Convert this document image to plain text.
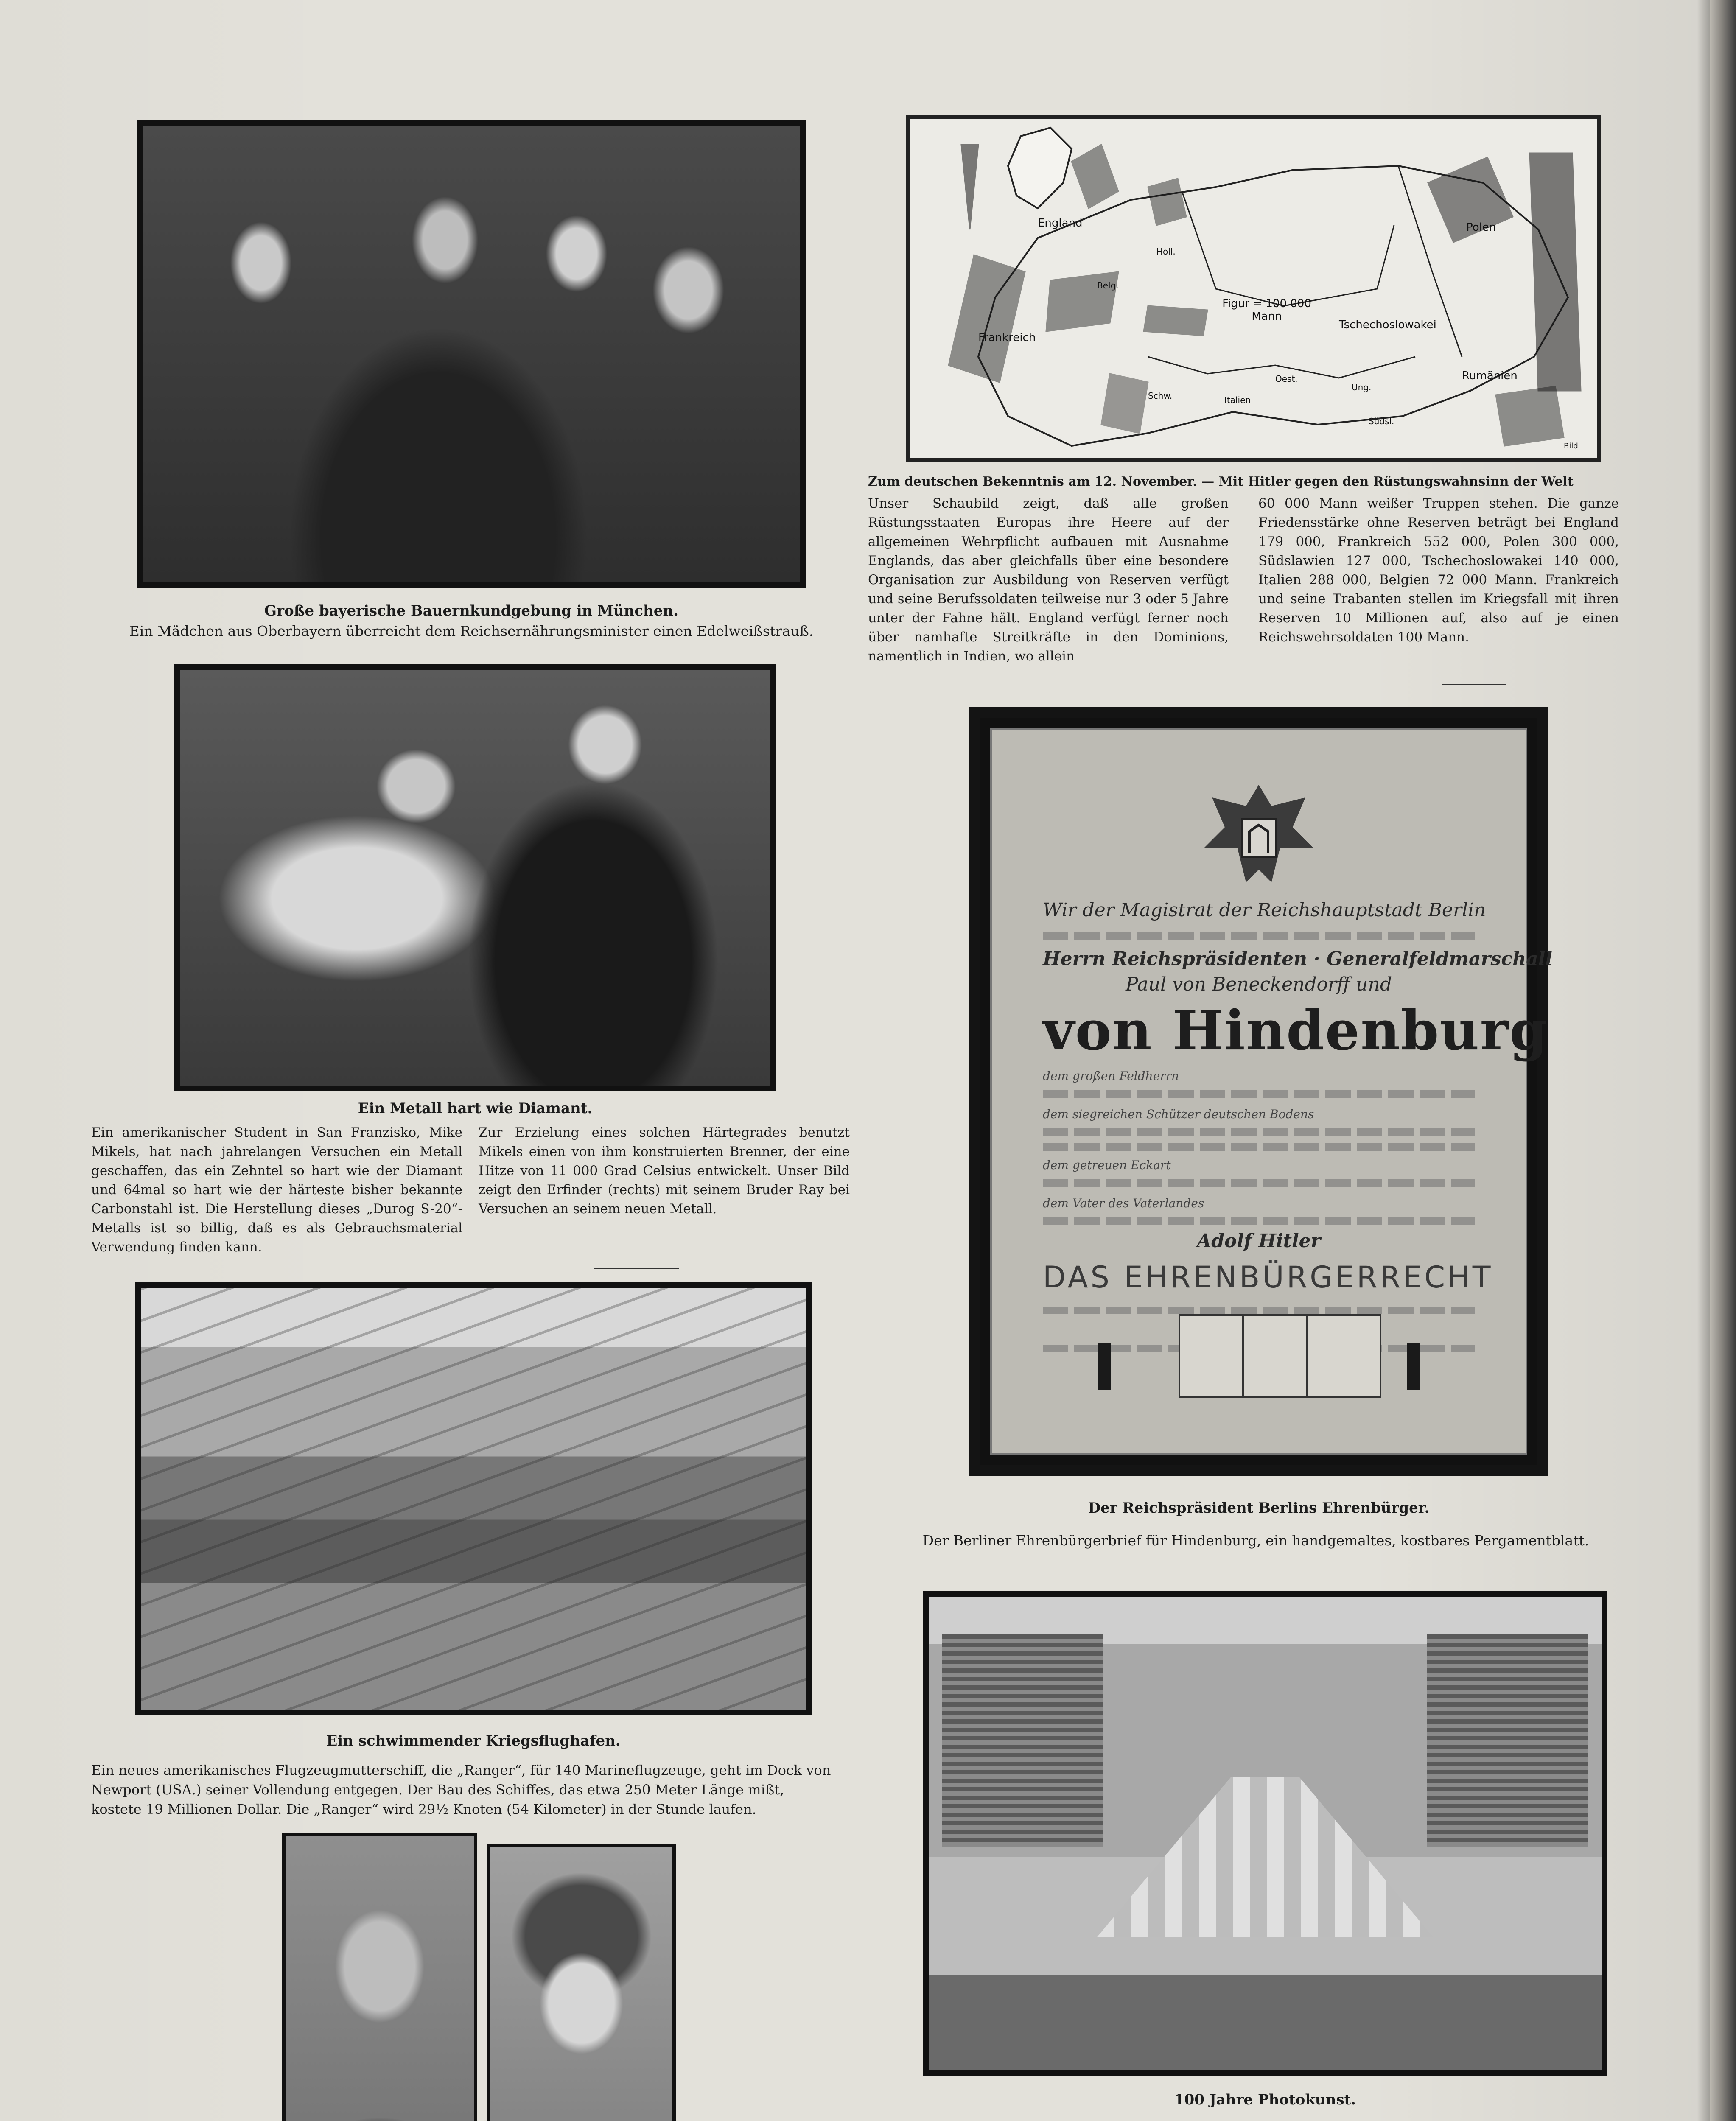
Große bayerische Bauernkundgebung in München.
Ein Mädchen aus Oberbayern überreicht dem Reichsernährungsminister einen Edelweißstrauß.
Ein Metall hart wie Diamant.
Ein amerikanischer Student in San Franzisko, Mike Mikels, hat nach jahrelangen Versuchen ein Metall geschaffen, das ein Zehntel so hart wie der Diamant und 64mal so hart wie der härteste bisher bekannte Carbonstahl ist. Die Herstellung dieses „Durog S-20“-Metalls ist so billig, daß es als Gebrauchsmaterial Verwendung finden kann.
Zur Erzielung eines solchen Härtegrades benutzt Mikels einen von ihm konstruierten Brenner, der eine Hitze von 11 000 Grad Celsius entwickelt. Unser Bild zeigt den Erfinder (rechts) mit seinem Bruder Ray bei Versuchen an seinem neuen Metall.
Ein schwimmender Kriegsflughafen.
Ein neues amerikanisches Flugzeugmutterschiff, die „Ranger“, für 140 Marineflugzeuge, geht im Dock von
Newport (USA.) seiner Vollendung entgegen. Der Bau des Schiffes, das etwa 250 Meter Länge mißt,
kostete 19 Millionen Dollar. Die „Ranger“ wird 29½ Knoten (54 Kilometer) in der Stunde laufen.
England	Polen
Frankreich
Figur = 100 000 Mann
Tschechoslowakei
Rumänien
Holl.
Belg.
Schw.
Oest.
Ung.
Italien
Südsl.
Bild
Zum deutschen Bekenntnis am 12. November. — Mit Hitler gegen den Rüstungswahnsinn der Welt
Unser Schaubild zeigt, daß alle großen Rüstungsstaaten Europas ihre Heere auf der allgemeinen Wehrpflicht aufbauen mit Ausnahme Englands, das aber gleichfalls über eine besondere Organisation zur Ausbildung von Reserven verfügt und seine Berufssoldaten teilweise nur 3 oder 5 Jahre unter der Fahne hält. England verfügt ferner noch über namhafte Streitkräfte in den Dominions, namentlich in Indien, wo allein
60 000 Mann weißer Truppen stehen. Die ganze Friedensstärke ohne Reserven beträgt bei England 179 000, Frankreich 552 000, Polen 300 000, Südslawien 127 000, Tschechoslowakei 140 000, Italien 288 000, Belgien 72 000 Mann. Frankreich und seine Trabanten stellen im Kriegsfall mit ihren Reserven 10 Millionen auf, also auf je einen Reichswehrsoldaten 100 Mann.
Wir der Magistrat der Reichshauptstadt Berlin
Herrn Reichspräsidenten · Generalfeldmarschall
Paul von Beneckendorff und
von Hindenburg
dem großen Feldherrn
dem siegreichen Schützer deutschen Bodens
dem getreuen Eckart
dem Vater des Vaterlandes
Adolf Hitler
DAS EHRENBÜRGERRECHT
Der Reichspräsident Berlins Ehrenbürger.
Der Berliner Ehrenbürgerbrief für Hindenburg, ein handgemaltes, kostbares Pergamentblatt.
100 Jahre Photokunst.
